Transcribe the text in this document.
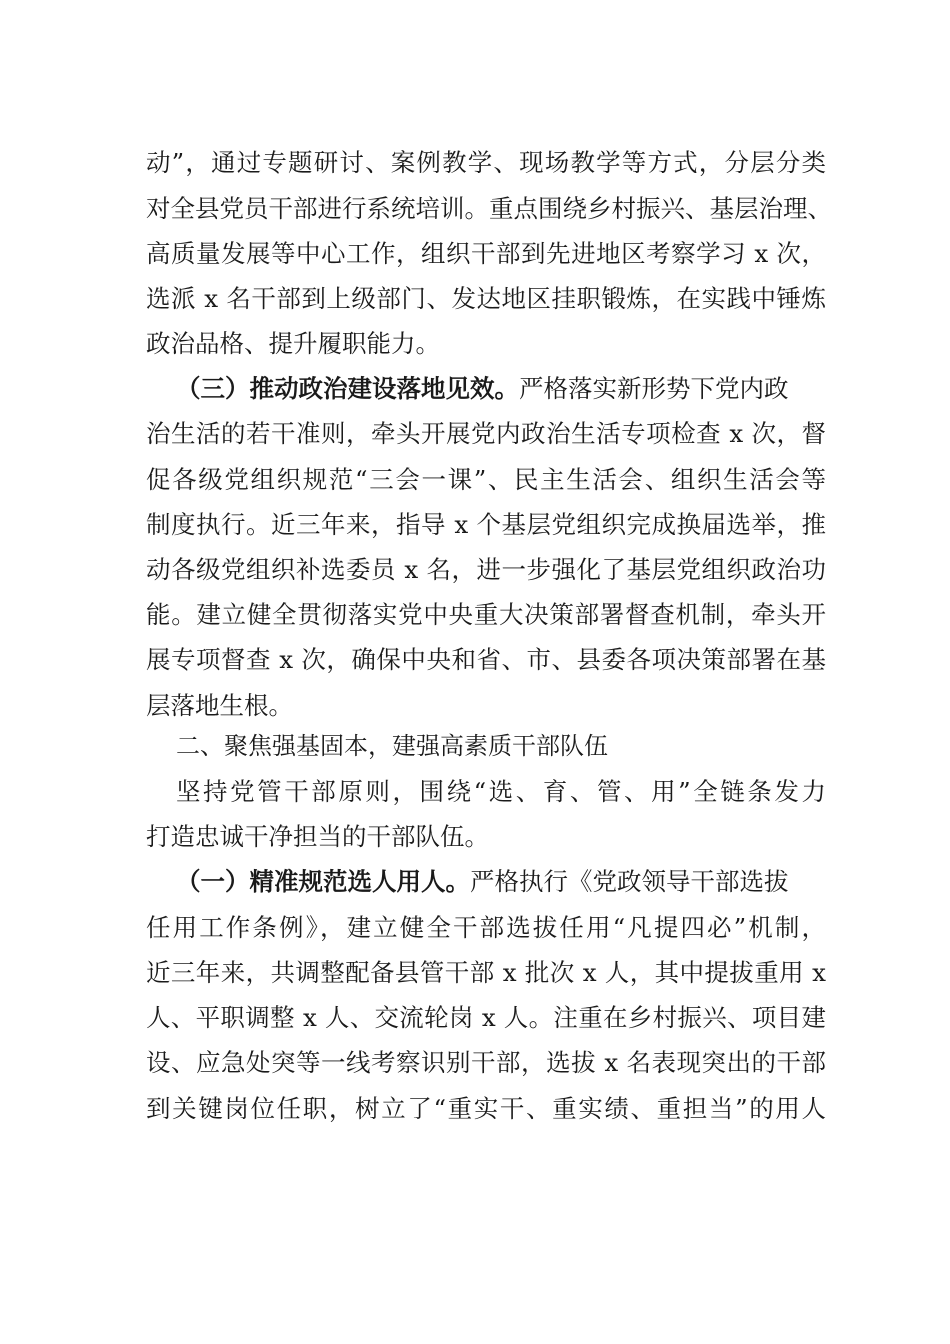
动”，通过专题研讨、案例教学、现场教学等方式，分层分类
对全县党员干部进行系统培训。重点围绕乡村振兴、基层治理、
高质量发展等中心工作，组织干部到先进地区考察学习 x 次，
选派 x 名干部到上级部门、发达地区挂职锻炼，在实践中锤炼
政治品格、提升履职能力。
（三）推动政治建设落地见效。严格落实新形势下党内政
治生活的若干准则，牵头开展党内政治生活专项检查 x 次，督
促各级党组织规范“三会一课”、民主生活会、组织生活会等
制度执行。近三年来，指导 x 个基层党组织完成换届选举，推
动各级党组织补选委员 x 名，进一步强化了基层党组织政治功
能。建立健全贯彻落实党中央重大决策部署督查机制，牵头开
展专项督查 x 次，确保中央和省、市、县委各项决策部署在基
层落地生根。
二、聚焦强基固本，建强高素质干部队伍
坚持党管干部原则，围绕“选、育、管、用”全链条发力
打造忠诚干净担当的干部队伍。
（一）精准规范选人用人。严格执行《党政领导干部选拔
任用工作条例》，建立健全干部选拔任用“凡提四必”机制，
近三年来，共调整配备县管干部 x 批次 x 人，其中提拔重用 x
人、平职调整 x 人、交流轮岗 x 人。注重在乡村振兴、项目建
设、应急处突等一线考察识别干部，选拔 x 名表现突出的干部
到关键岗位任职，树立了“重实干、重实绩、重担当”的用人
